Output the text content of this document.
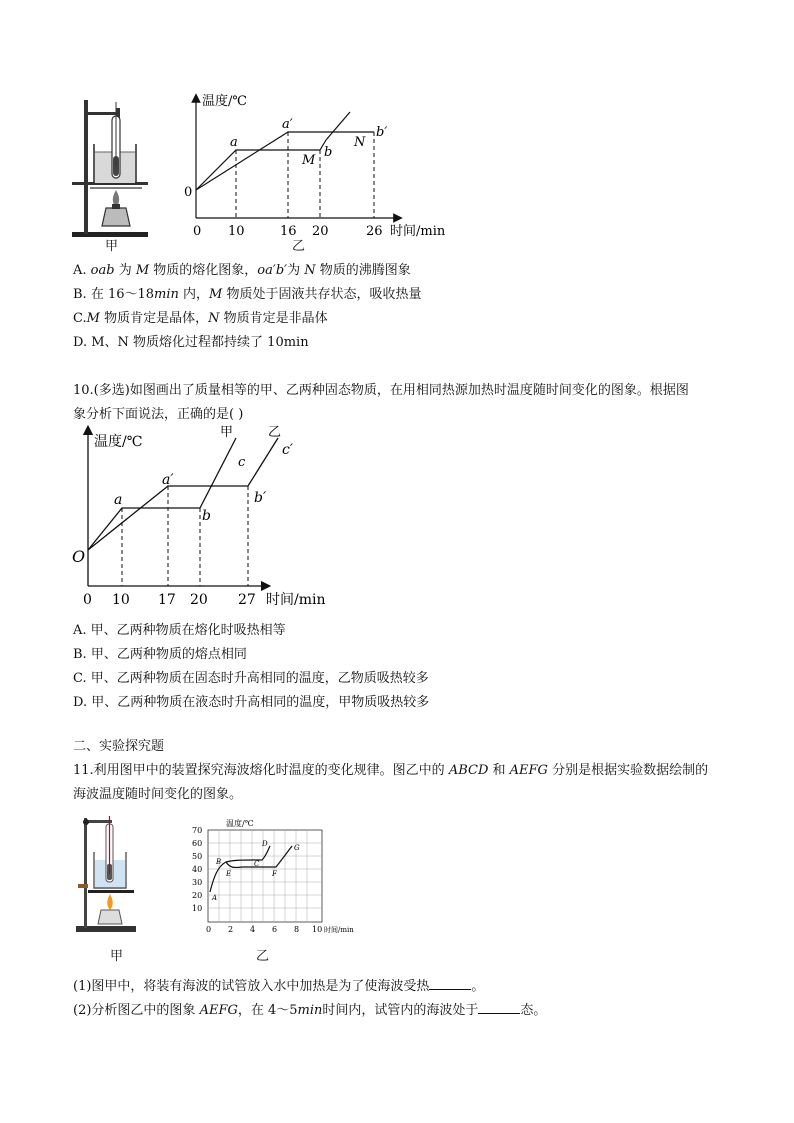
甲
温度/℃
时间/min
0
0 10	16 20	26
a
a′
b
b′
M
N
乙
A. oab 为 M 物质的熔化图象，oa′b′为 N 物质的沸腾图象
B. 在 16～18min 内，M 物质处于固液共存状态，吸收热量
C.M 物质肯定是晶体，N 物质肯定是非晶体
D. M、N 物质熔化过程都持续了 10min
10.(多选)如图画出了质量相等的甲、乙两种固态物质，在用相同热源加热时温度随时间变化的图象。根据图
象分析下面说法，正确的是( )
温度/℃
时间/min
O
0 10 17 20 27
甲	乙
a
a′
b
b′
c
c′
A. 甲、乙两种物质在熔化时吸热相等
B. 甲、乙两种物质的熔点相同
C. 甲、乙两种物质在固态时升高相同的温度，乙物质吸热较多
D. 甲、乙两种物质在液态时升高相同的温度，甲物质吸热较多
二、实验探究题
11.利用图甲中的装置探究海波熔化时温度的变化规律。图乙中的 ABCD 和 AEFG 分别是根据实验数据绘制的
海波温度随时间变化的图象。
甲
70
60
50
40
30
20
10
0 2 4 6 8 10 时间/min
温度/℃
A
B	C
D
E	F
G
乙
(1)图甲中，将装有海波的试管放入水中加热是为了使海波受热	。
(2)分析图乙中的图象 AEFG，在 4～5min时间内，试管内的海波处于	态。
